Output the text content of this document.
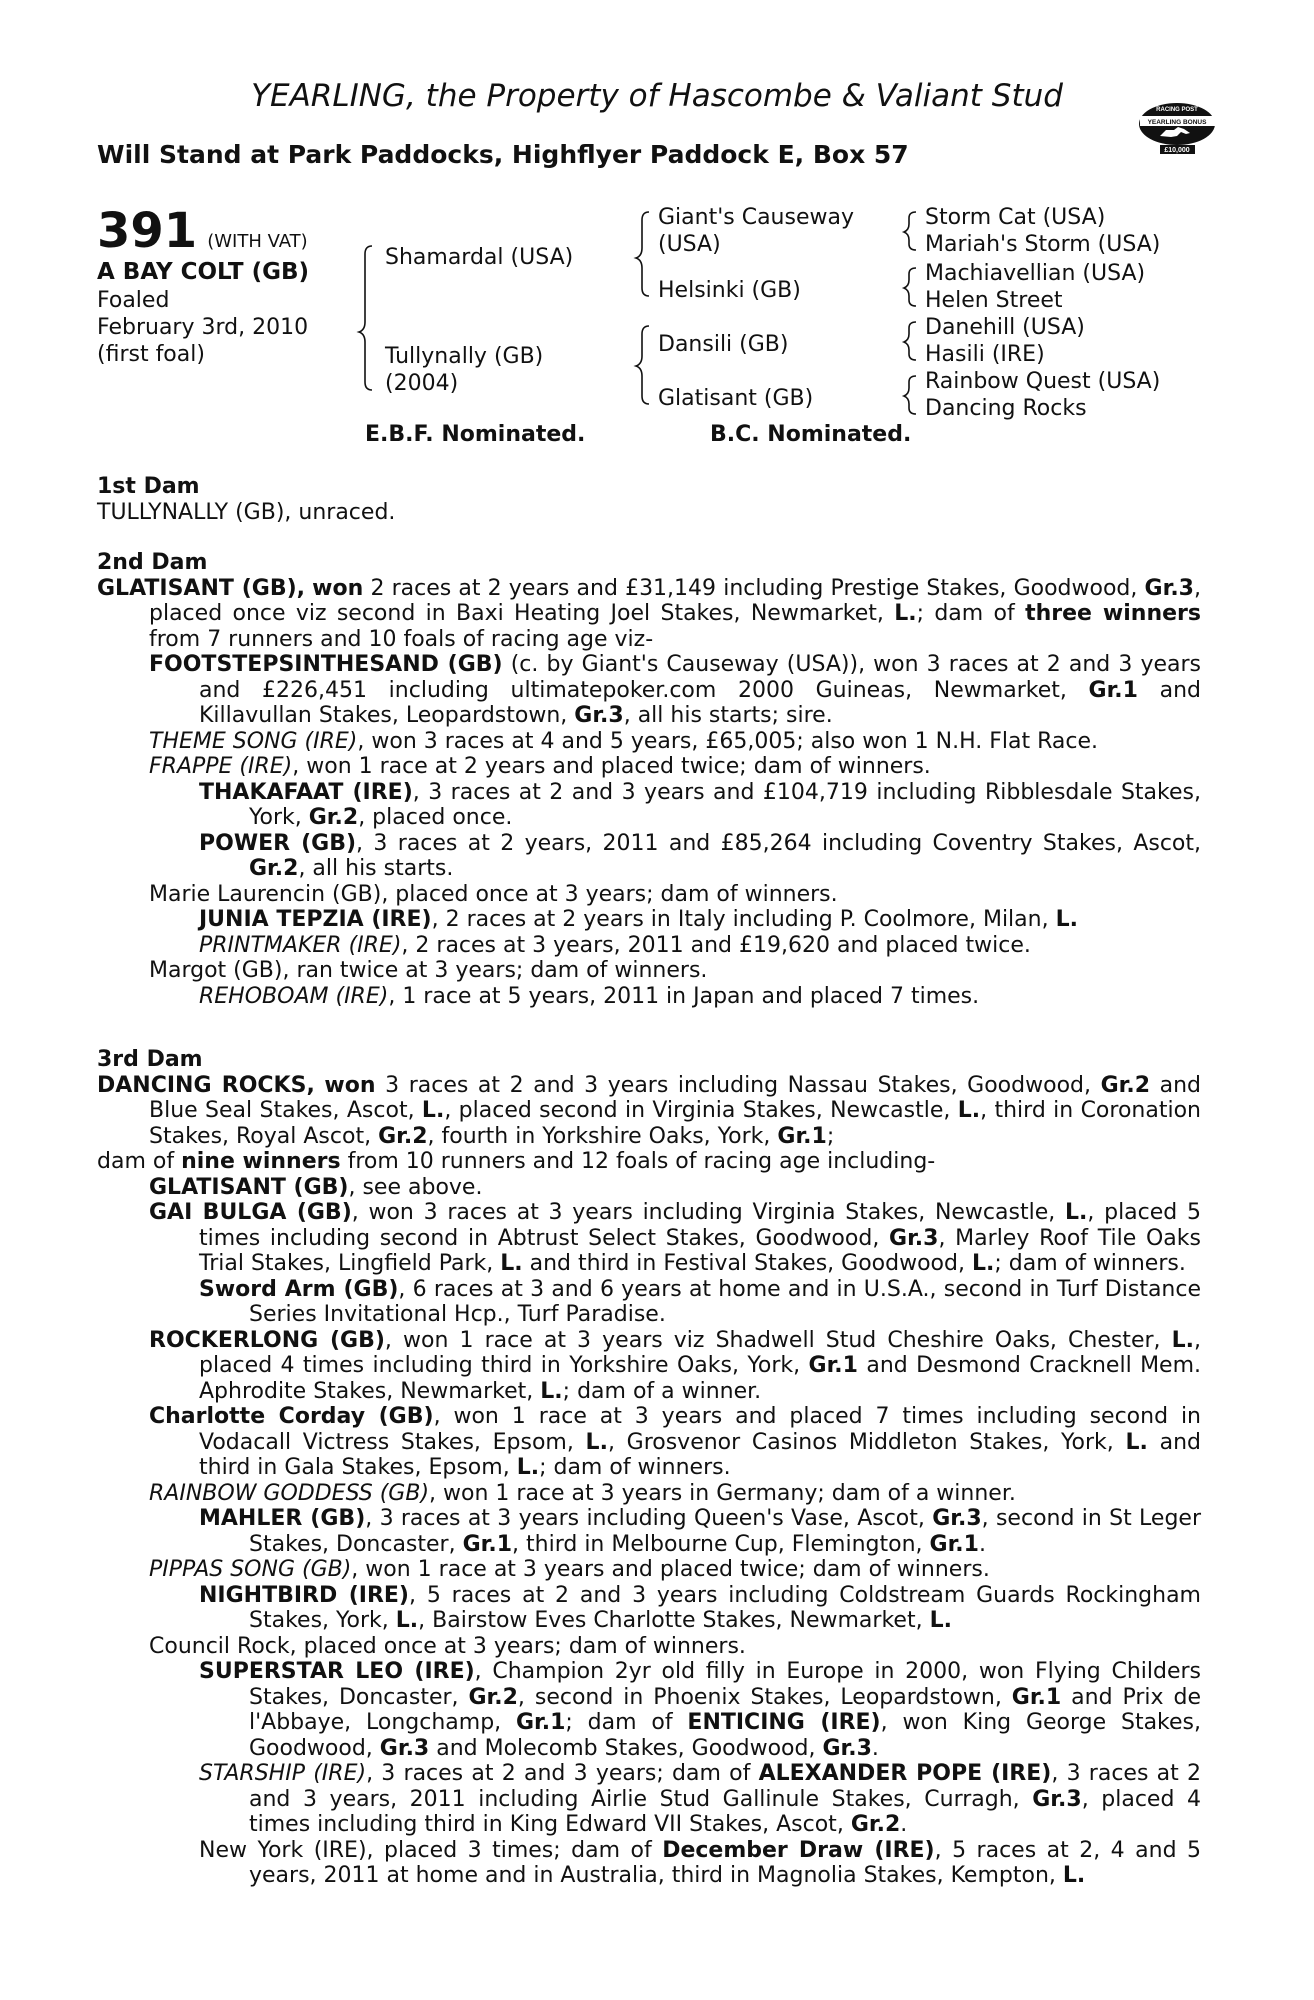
YEARLING, the Property of Hascombe & Valiant Stud
Will Stand at Park Paddocks, Highflyer Paddock E, Box 57
RACING POST
YEARLING BONUS
£10,000
391 (WITH VAT)
A BAY COLT (GB)
Foaled
February 3rd, 2010
(first foal)
Shamardal (USA)
Tullynally (GB)
(2004)
Giant's Causeway
(USA)
Helsinki (GB)
Dansili (GB)
Glatisant (GB)
Storm Cat (USA)
Mariah's Storm (USA)
Machiavellian (USA)
Helen Street
Danehill (USA)
Hasili (IRE)
Rainbow Quest (USA)
Dancing Rocks
E.B.F. Nominated.	B.C. Nominated.
1st Dam

TULLYNALLY (GB), unraced.

2nd Dam

GLATISANT (GB), won 2 races at 2 years and £31,149 including Prestige Stakes, Goodwood, Gr.3, placed once viz second in Baxi Heating Joel Stakes, Newmarket, L.; dam of three winners from 7 runners and 10 foals of racing age viz-

FOOTSTEPSINTHESAND (GB) (c. by Giant's Causeway (USA)), won 3 races at 2 and 3 years and £226,451 including ultimatepoker.com 2000 Guineas, Newmarket, Gr.1 and Killavullan Stakes, Leopardstown, Gr.3, all his starts; sire.

THEME SONG (IRE), won 3 races at 4 and 5 years, £65,005; also won 1 N.H. Flat Race.

FRAPPE (IRE), won 1 race at 2 years and placed twice; dam of winners.

THAKAFAAT (IRE), 3 races at 2 and 3 years and £104,719 including Ribblesdale Stakes, York, Gr.2, placed once.

POWER (GB), 3 races at 2 years, 2011 and £85,264 including Coventry Stakes, Ascot, Gr.2, all his starts.

Marie Laurencin (GB), placed once at 3 years; dam of winners.

JUNIA TEPZIA (IRE), 2 races at 2 years in Italy including P. Coolmore, Milan, L.

PRINTMAKER (IRE), 2 races at 3 years, 2011 and £19,620 and placed twice.

Margot (GB), ran twice at 3 years; dam of winners.

REHOBOAM (IRE), 1 race at 5 years, 2011 in Japan and placed 7 times.

3rd Dam

DANCING ROCKS, won 3 races at 2 and 3 years including Nassau Stakes, Goodwood, Gr.2 and Blue Seal Stakes, Ascot, L., placed second in Virginia Stakes, Newcastle, L., third in Coronation Stakes, Royal Ascot, Gr.2, fourth in Yorkshire Oaks, York, Gr.1;

dam of nine winners from 10 runners and 12 foals of racing age including-

GLATISANT (GB), see above.

GAI BULGA (GB), won 3 races at 3 years including Virginia Stakes, Newcastle, L., placed 5 times including second in Abtrust Select Stakes, Goodwood, Gr.3, Marley Roof Tile Oaks Trial Stakes, Lingfield Park, L. and third in Festival Stakes, Goodwood, L.; dam of winners.

Sword Arm (GB), 6 races at 3 and 6 years at home and in U.S.A., second in Turf Distance Series Invitational Hcp., Turf Paradise.

ROCKERLONG (GB), won 1 race at 3 years viz Shadwell Stud Cheshire Oaks, Chester, L., placed 4 times including third in Yorkshire Oaks, York, Gr.1 and Desmond Cracknell Mem. Aphrodite Stakes, Newmarket, L.; dam of a winner.

Charlotte Corday (GB), won 1 race at 3 years and placed 7 times including second in Vodacall Victress Stakes, Epsom, L., Grosvenor Casinos Middleton Stakes, York, L. and third in Gala Stakes, Epsom, L.; dam of winners.

RAINBOW GODDESS (GB), won 1 race at 3 years in Germany; dam of a winner.

MAHLER (GB), 3 races at 3 years including Queen's Vase, Ascot, Gr.3, second in St Leger Stakes, Doncaster, Gr.1, third in Melbourne Cup, Flemington, Gr.1.

PIPPAS SONG (GB), won 1 race at 3 years and placed twice; dam of winners.

NIGHTBIRD (IRE), 5 races at 2 and 3 years including Coldstream Guards Rockingham Stakes, York, L., Bairstow Eves Charlotte Stakes, Newmarket, L.

Council Rock, placed once at 3 years; dam of winners.

SUPERSTAR LEO (IRE), Champion 2yr old filly in Europe in 2000, won Flying Childers Stakes, Doncaster, Gr.2, second in Phoenix Stakes, Leopardstown, Gr.1 and Prix de l'Abbaye, Longchamp, Gr.1; dam of ENTICING (IRE), won King George Stakes, Goodwood, Gr.3 and Molecomb Stakes, Goodwood, Gr.3.

STARSHIP (IRE), 3 races at 2 and 3 years; dam of ALEXANDER POPE (IRE), 3 races at 2 and 3 years, 2011 including Airlie Stud Gallinule Stakes, Curragh, Gr.3, placed 4 times including third in King Edward VII Stakes, Ascot, Gr.2.

New York (IRE), placed 3 times; dam of December Draw (IRE), 5 races at 2, 4 and 5 years, 2011 at home and in Australia, third in Magnolia Stakes, Kempton, L.
